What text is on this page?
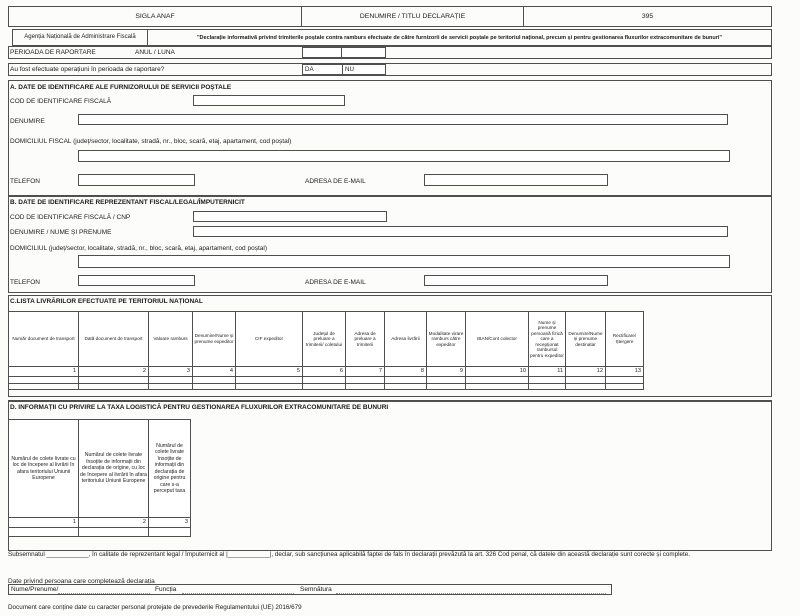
SIGLA ANAF	DENUMIRE / TITLU DECLARAȚIE	395
Agenția Națională de Administrare Fiscală	"Declarație informativă privind trimiterile poștale contra ramburs efectuate de către furnizorii de servicii poștale pe teritoriul național, precum și pentru gestionarea fluxurilor extracomunitare de bunuri"
PERIOADA DE RAPORTARE	ANUL / LUNA
Au fost efectuate operațiuni în perioada de raportare?	DA	NU
A. DATE DE IDENTIFICARE ALE FURNIZORULUI DE SERVICII POȘTALE
COD DE IDENTIFICARE FISCALĂ
DENUMIRE
DOMICILIUL FISCAL (județ/sector, localitate, stradă, nr., bloc, scară, etaj, apartament, cod poștal)
TELEFON	ADRESA DE E-MAIL
B. DATE DE IDENTIFICARE REPREZENTANT FISCAL/LEGAL/ÎMPUTERNICIT
COD DE IDENTIFICARE FISCALĂ / CNP
DENUMIRE / NUME ȘI PRENUME
DOMICILIUL (județ/sector, localitate, stradă, nr., bloc, scară, etaj, apartament, cod poștal)
TELEFON	ADRESA DE E-MAIL
C.LISTA LIVRĂRILOR EFECTUATE PE TERITORIUL NAȚIONAL
Număr document de transport	Dată document de transport	Valoare ramburs	Denumire/Nume și prenume expeditor	CIF expeditor	Județul de preluare a trimiterii/ coletului	Adresa de preluare a trimiterii	Adresa livrării	Modalitate virare ramburs către expeditor	IBAN/Cont colector	Nume și prenume persoană fizică care a recepționat rambursul pentru expeditor	Denumire/Nume și prenume destinatar	Rectificare/ Ștergere
1	2	3	4	5	6	7	8	9	10	11	12	13

D. INFORMAȚII CU PRIVIRE LA TAXA LOGISTICĂ PENTRU GESTIONAREA FLUXURILOR EXTRACOMUNITARE DE BUNURI
Numărul de colete livrate cu loc de începere al livrării în afara teritoriului Uniunii Europene	Numărul de colete livrate însoțite de informații din declarația de origine, cu loc de începere al livrării în afara teritoriului Uniunii Europene	Numărul de colete livrate însoțite de informații din declarația de origine pentru care s-a perceput taxa
1	2	3

Subsemnatul ____________, în calitate de reprezentant legal / împuternicit al |____________|, declar, sub sancțiunea aplicabilă faptei de fals în declarații prevăzută la art. 326 Cod penal, că datele din această declarație sunt corecte și complete.

Date privind persoana care completează declarația
Nume/Prenume/	Funcția	Semnătura
Document care conține date cu caracter personal protejate de prevederile Regulamentului (UE) 2016/679
